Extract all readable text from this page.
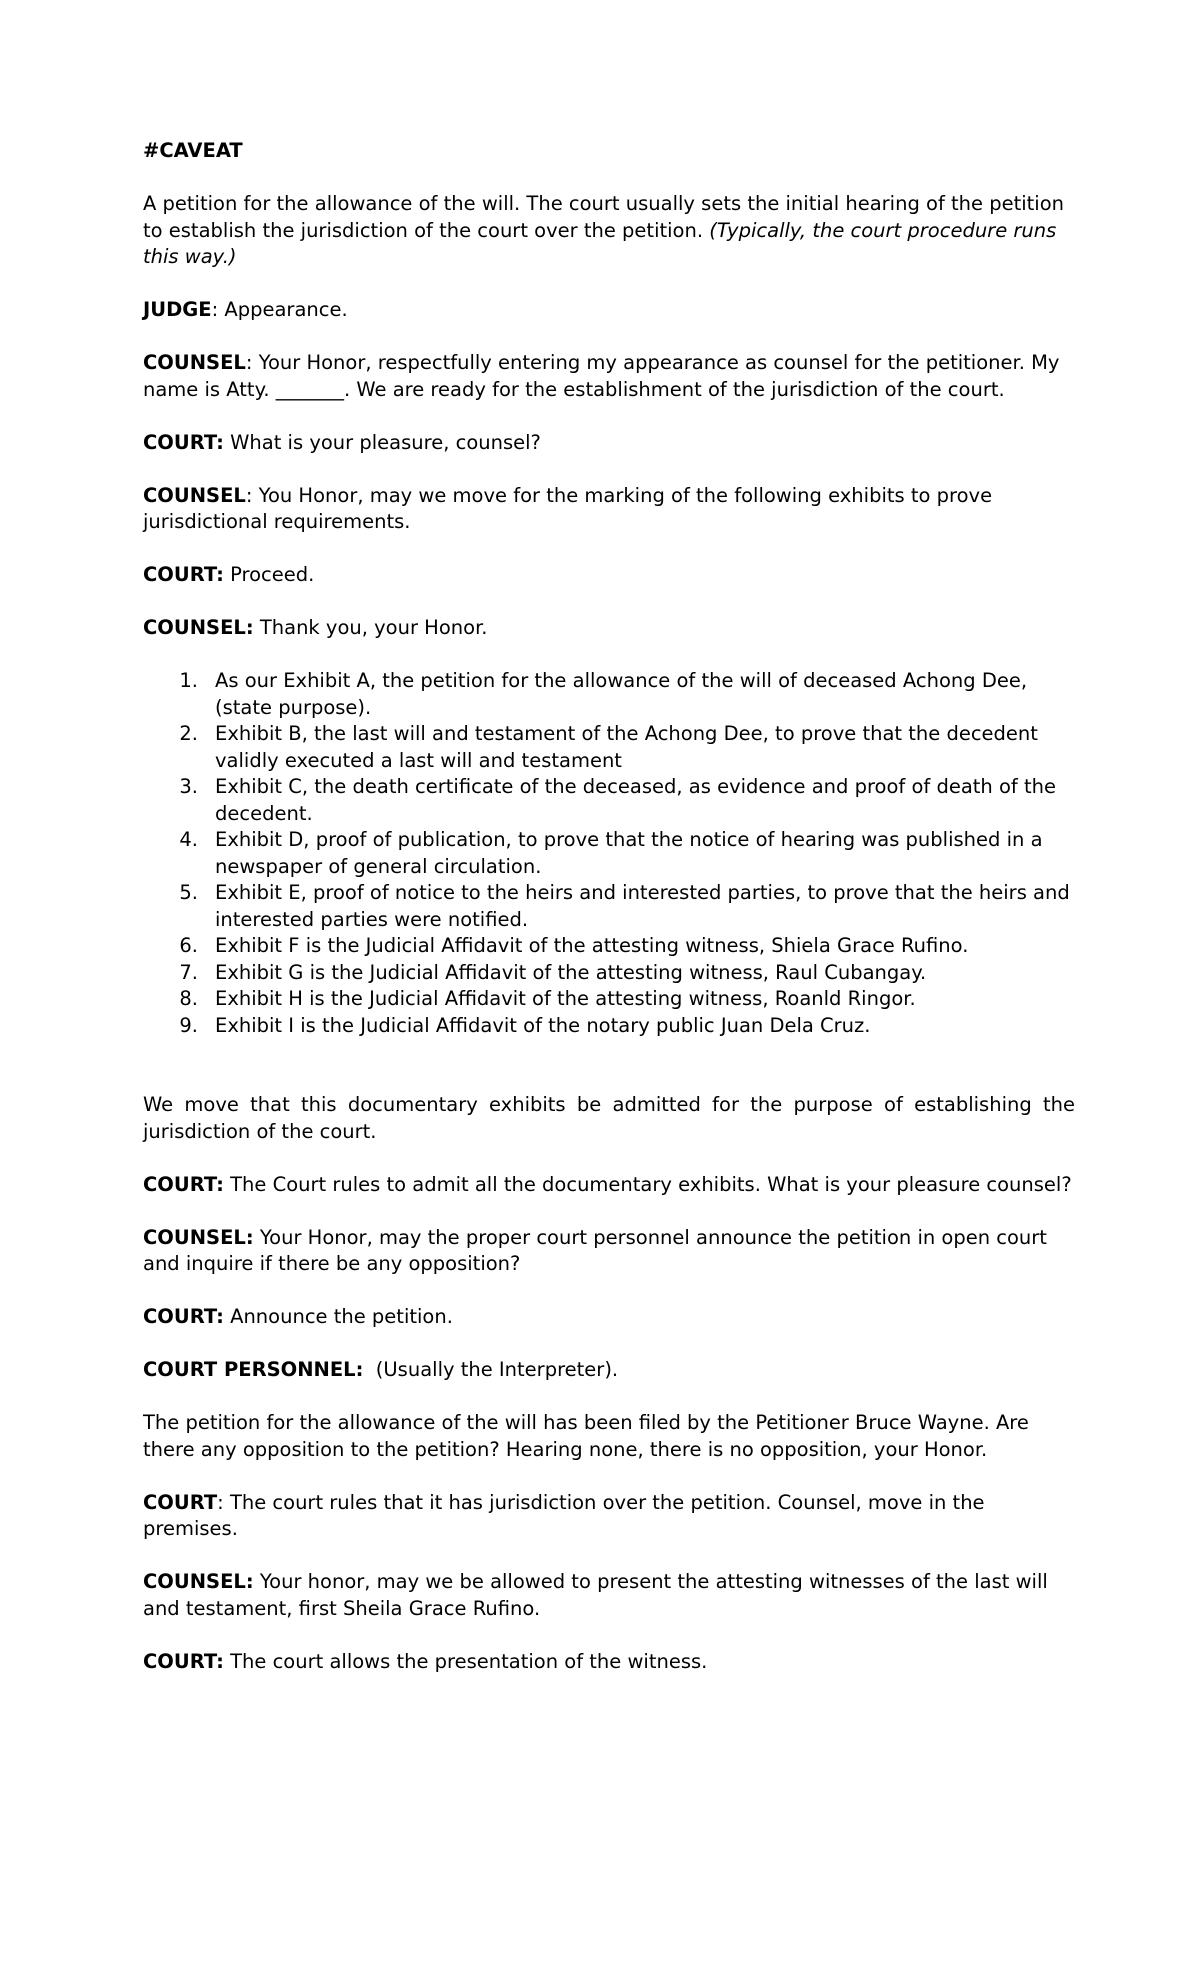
#CAVEAT

A petition for the allowance of the will. The court usually sets the initial hearing of the petition to establish the jurisdiction of the court over the petition. (Typically, the court procedure runs this way.)

JUDGE: Appearance.

COUNSEL: Your Honor, respectfully entering my appearance as counsel for the petitioner. My name is Atty. _______. We are ready for the establishment of the jurisdiction of the court.

COURT: What is your pleasure, counsel?

COUNSEL: You Honor, may we move for the marking of the following exhibits to prove jurisdictional requirements.

COURT: Proceed.

COUNSEL: Thank you, your Honor.

1. As our Exhibit A, the petition for the allowance of the will of deceased Achong Dee, (state purpose).
2. Exhibit B, the last will and testament of the Achong Dee, to prove that the decedent validly executed a last will and testament
3. Exhibit C, the death certificate of the deceased, as evidence and proof of death of the decedent.
4. Exhibit D, proof of publication, to prove that the notice of hearing was published in a newspaper of general circulation.
5. Exhibit E, proof of notice to the heirs and interested parties, to prove that the heirs and interested parties were notified.
6. Exhibit F is the Judicial Affidavit of the attesting witness, Shiela Grace Rufino.
7. Exhibit G is the Judicial Affidavit of the attesting witness, Raul Cubangay.
8. Exhibit H is the Judicial Affidavit of the attesting witness, Roanld Ringor.
9. Exhibit I is the Judicial Affidavit of the notary public Juan Dela Cruz.

We move that this documentary exhibits be admitted for the purpose of establishing the jurisdiction of the court.

COURT: The Court rules to admit all the documentary exhibits. What is your pleasure counsel?

COUNSEL: Your Honor, may the proper court personnel announce the petition in open court and inquire if there be any opposition?

COURT: Announce the petition.

COURT PERSONNEL: (Usually the Interpreter).

The petition for the allowance of the will has been filed by the Petitioner Bruce Wayne. Are there any opposition to the petition? Hearing none, there is no opposition, your Honor.

COURT: The court rules that it has jurisdiction over the petition. Counsel, move in the premises.

COUNSEL: Your honor, may we be allowed to present the attesting witnesses of the last will and testament, first Sheila Grace Rufino.

COURT: The court allows the presentation of the witness.
